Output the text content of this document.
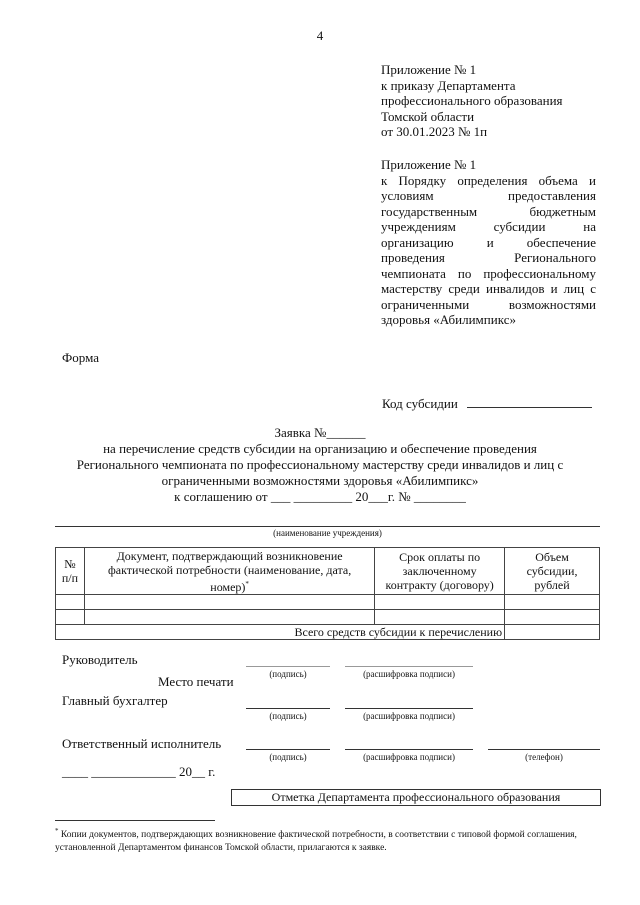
4
Приложение № 1
к приказу Департамента
профессионального образования
Томской области
от 30.01.2023 № 1п
Приложение № 1
к Порядку определения объема и условиям предоставления государственным бюджетным учреждениям субсидии на организацию и обеспечение проведения Регионального чемпионата по профессиональному мастерству среди инвалидов и лиц с ограниченными возможностями здоровья «Абилимпикс»
Форма
Код субсидии
Заявка №______
на перечисление средств субсидии на организацию и обеспечение проведения
Регионального чемпионата по профессиональному мастерству среди инвалидов и лиц с
ограниченными возможностями здоровья «Абилимпикс»
к соглашению от ___ _________ 20___г. № ________
(наименование учреждения)
№ п/п	Документ, подтверждающий возникновение фактической потребности (наименование, дата, номер)*	Срок оплаты по заключенному контракту (договору)	Объем субсидии, рублей

Всего средств субсидии к перечислению			
Руководитель
Место печати	(подпись)	(расшифровка подписи)
Главный бухгалтер
(подпись)	(расшифровка подписи)
Ответственный исполнитель
(подпись)	(расшифровка подписи)	(телефон)
____ _____________ 20__ г.
Отметка Департамента профессионального образования
* Копии документов, подтверждающих возникновение фактической потребности, в соответствии с типовой формой соглашения, установленной Департаментом финансов Томской области, прилагаются к заявке.
